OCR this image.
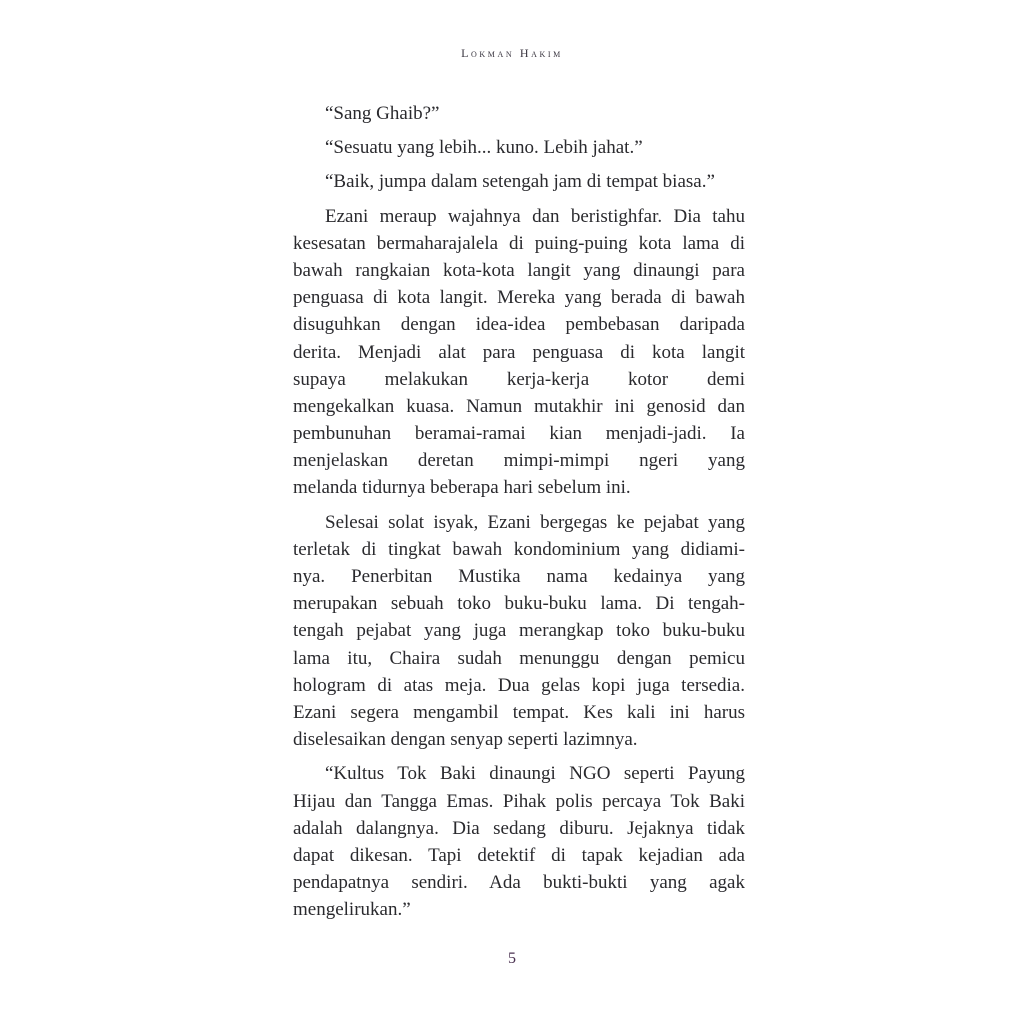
Lokman Hakim
“Sang Ghaib?”
“Sesuatu yang lebih... kuno. Lebih jahat.”
“Baik, jumpa dalam setengah jam di tempat biasa.”
Ezani meraup wajahnya dan beristighfar. Dia tahu
kesesatan bermaharajalela di puing-puing kota lama di
bawah rangkaian kota-kota langit yang dinaungi para
penguasa di kota langit. Mereka yang berada di bawah
disuguhkan dengan idea-idea pembebasan daripada
derita. Menjadi alat para penguasa di kota langit
supaya melakukan kerja-kerja kotor demi
mengekalkan kuasa. Namun mutakhir ini genosid dan
pembunuhan beramai-ramai kian menjadi-jadi. Ia
menjelaskan deretan mimpi-mimpi ngeri yang
melanda tidurnya beberapa hari sebelum ini.
Selesai solat isyak, Ezani bergegas ke pejabat yang
terletak di tingkat bawah kondominium yang didiami-
nya. Penerbitan Mustika nama kedainya yang
merupakan sebuah toko buku-buku lama. Di tengah-
tengah pejabat yang juga merangkap toko buku-buku
lama itu, Chaira sudah menunggu dengan pemicu
hologram di atas meja. Dua gelas kopi juga tersedia.
Ezani segera mengambil tempat. Kes kali ini harus
diselesaikan dengan senyap seperti lazimnya.
“Kultus Tok Baki dinaungi NGO seperti Payung
Hijau dan Tangga Emas. Pihak polis percaya Tok Baki
adalah dalangnya. Dia sedang diburu. Jejaknya tidak
dapat dikesan. Tapi detektif di tapak kejadian ada
pendapatnya sendiri. Ada bukti-bukti yang agak
mengelirukan.”
5
